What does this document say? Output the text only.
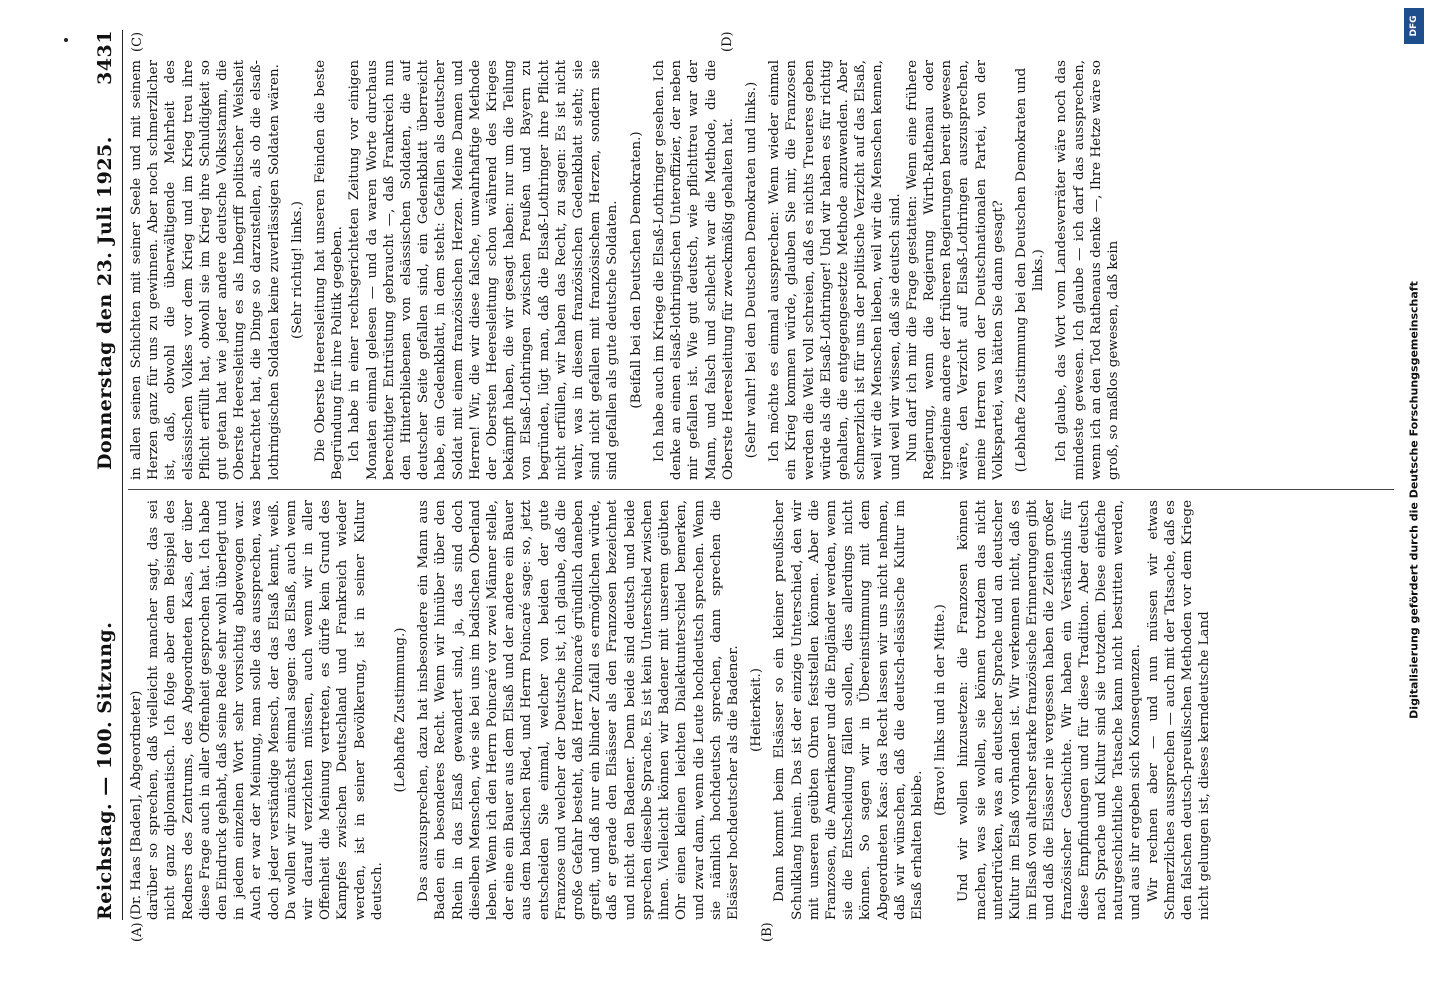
Reichstag. — 100. Sitzung.
Donnerstag den 23. Juli 1925.
3431
(A)	(B)
(C)	(D)

(Dr. Haas [Baden], Abgeordneter) darüber so sprechen, daß vielleicht mancher sagt, das sei nicht ganz diplomatisch. Ich folge aber dem Beispiel des Redners des Zentrums, des Abgeordneten Kaas, der über diese Frage auch in aller Offenheit gesprochen hat. Ich habe den Eindruck gehabt, daß seine Rede sehr wohl überlegt und in jedem einzelnen Wort sehr vorsichtig abgewogen war. Auch er war der Meinung, man solle das aussprechen, was doch jeder verständige Mensch, der das Elsaß kennt, weiß. Da wollen wir zunächst einmal sagen: das Elsaß, auch wenn wir darauf verzichten müssen, auch wenn wir in aller Offenheit die Meinung vertreten, es dürfe kein Grund des Kampfes zwischen Deutschland und Frankreich wieder werden, ist in seiner Bevölkerung, ist in seiner Kultur deutsch.

(Lebhafte Zustimmung.) Das auszusprechen, dazu hat insbesondere ein Mann aus Baden ein besonderes Recht. Wenn wir hinüber über den Rhein in das Elsaß gewandert sind, ja, das sind doch dieselben Menschen, wie sie bei uns im badischen Oberland leben. Wenn ich den Herrn Poincaré vor zwei Männer stelle, der eine ein Bauer aus dem Elsaß und der andere ein Bauer aus dem badischen Ried, und Herrn Poincaré sage: so, jetzt entscheiden Sie einmal, welcher von beiden der gute Franzose und welcher der Deutsche ist, ich glaube, daß die große Gefahr besteht, daß Herr Poincaré gründlich daneben greift, und daß nur ein blinder Zufall es ermöglichen würde, daß er gerade den Elsässer als den Franzosen bezeichnet und nicht den Badener. Denn beide sind deutsch und beide sprechen dieselbe Sprache. Es ist kein Unterschied zwischen ihnen. Vielleicht können wir Badener mit unserem geübten Ohr einen kleinen leichten Dialektunterschied bemerken, und zwar dann, wenn die Leute hochdeutsch sprechen. Wenn sie nämlich hochdeutsch sprechen, dann sprechen die Elsässer hochdeutscher als die Badener. (Heiterkeit.) Dann kommt beim Elsässer so ein kleiner preußischer Schulklang hinein. Das ist der einzige Unterschied, den wir mit unseren geübten Ohren feststellen können. Aber die Franzosen, die Amerikaner und die Engländer werden, wenn sie die Entscheidung fällen sollen, dies allerdings nicht können. So sagen wir in Übereinstimmung mit dem Abgeordneten Kaas: das Recht lassen wir uns nicht nehmen, daß wir wünschen, daß die deutsch-elsässische Kultur im Elsaß erhalten bleibe.

(Bravo! links und in der Mitte.) Und wir wollen hinzusetzen: die Franzosen können machen, was sie wollen, sie können trotzdem das nicht unterdrücken, was an deutscher Sprache und an deutscher Kultur im Elsaß vorhanden ist. Wir verkennen nicht, daß es im Elsaß von altersher starke französische Erinnerungen gibt und daß die Elsässer nie vergessen haben die Zeiten großer französischer Geschichte. Wir haben ein Verständnis für diese Empfindungen und für diese Tradition. Aber deutsch nach Sprache und Kultur sind sie trotzdem. Diese einfache naturgeschichtliche Tatsache kann nicht bestritten werden, und aus ihr ergeben sich Konsequenzen. Wir rechnen aber — und nun müssen wir etwas Schmerzliches aussprechen — auch mit der Tatsache, daß es den falschen deutsch-preußischen Methoden vor dem Kriege nicht gelungen ist, dieses kerndeutsche Land

in allen seinen Schichten mit seiner Seele und mit seinem Herzen ganz für uns zu gewinnen. Aber noch schmerzlicher ist, daß, obwohl die überwältigende Mehrheit des elsässischen Volkes vor dem Krieg und im Krieg treu ihre Pflicht erfüllt hat, obwohl sie im Krieg ihre Schuldigkeit so gut getan hat wie jeder andere deutsche Volksstamm, die Oberste Heeresleitung es als Inbegriff politischer Weisheit betrachtet hat, die Dinge so darzustellen, als ob die elsaß-lothringischen Soldaten keine zuverlässigen Soldaten wären. (Sehr richtig! links.) Die Oberste Heeresleitung hat unseren Feinden die beste Begründung für ihre Politik gegeben. Ich habe in einer rechtsgerichteten Zeitung vor einigen Monaten einmal gelesen — und da waren Worte durchaus berechtigter Entrüstung gebraucht —, daß Frankreich nun den Hinterbliebenen von elsässischen Soldaten, die auf deutscher Seite gefallen sind, ein Gedenkblatt überreicht habe, ein Gedenkblatt, in dem steht: Gefallen als deutscher Soldat mit einem französischen Herzen. Meine Damen und Herren! Wir, die wir diese falsche, unwahrhaftige Methode der Obersten Heeresleitung schon während des Krieges bekämpft haben, die wir gesagt haben: nur um die Teilung von Elsaß-Lothringen zwischen Preußen und Bayern zu begründen, lügt man, daß die Elsaß-Lothringer ihre Pflicht nicht erfüllen, wir haben das Recht, zu sagen: Es ist nicht wahr, was in diesem französischen Gedenkblatt steht; sie sind nicht gefallen mit französischem Herzen, sondern sie sind gefallen als gute deutsche Soldaten. (Beifall bei den Deutschen Demokraten.) Ich habe auch im Kriege die Elsaß-Lothringer gesehen. Ich denke an einen elsaß-lothringischen Unteroffizier, der neben mir gefallen ist. Wie gut deutsch, wie pflichttreu war der Mann, und falsch und schlecht war die Methode, die die Oberste Heeresleitung für zweckmäßig gehalten hat. (Sehr wahr! bei den Deutschen Demokraten und links.) Ich möchte es einmal aussprechen: Wenn wieder einmal ein Krieg kommen würde, glauben Sie mir, die Franzosen werden die Welt voll schreien, daß es nichts Treueres geben würde als die Elsaß-Lothringer! Und wir haben es für richtig gehalten, die entgegengesetzte Methode anzuwenden. Aber schmerzlich ist für uns der politische Verzicht auf das Elsaß, weil wir die Menschen lieben, weil wir die Menschen kennen, und weil wir wissen, daß sie deutsch sind. Nun darf ich mir die Frage gestatten: Wenn eine frühere Regierung, wenn die Regierung Wirth-Rathenau oder irgendeine andere der früheren Regierungen bereit gewesen wäre, den Verzicht auf Elsaß-Lothringen auszusprechen, meine Herren von der Deutschnationalen Partei, von der Volkspartei, was hätten Sie dann gesagt? (Lebhafte Zustimmung bei den Deutschen Demokraten und links.) Ich glaube, das Wort vom Landesverräter wäre noch das mindeste gewesen. Ich glaube — ich darf das aussprechen, wenn ich an den Tod Rathenaus denke —, Ihre Hetze wäre so groß, so maßlos gewesen, daß kein

DFG
Digitalisierung gefördert durch die Deutsche Forschungsgemeinschaft
